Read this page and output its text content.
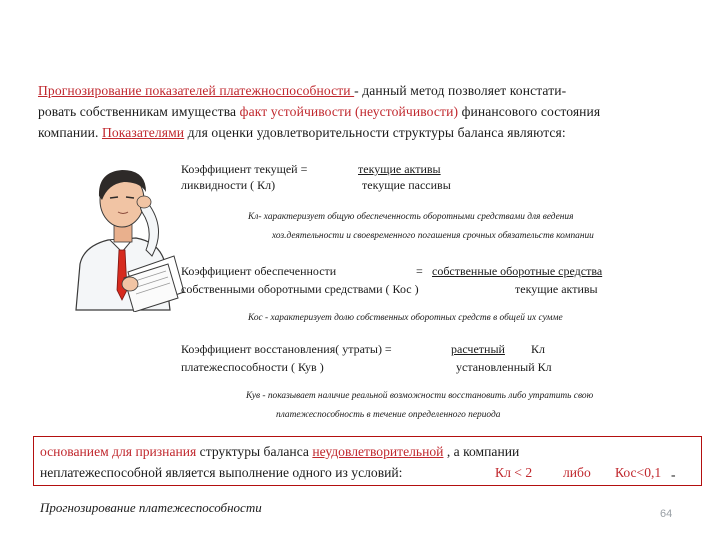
Прогнозирование показателей платежноспособности - данный метод позволяет констати-
ровать собственникам имущества факт устойчивости (неустойчивости) финансового состояния
компании. Показателями для оценки удовлетворительности структуры баланса являются:
Коэффициент текущей =
ликвидности ( Кл)
текущие активы
текущие пассивы
Кл- характеризует общую обеспеченность оборотными средствами для ведения
хоз.деятельности и своевременного погашения срочных обязательств компании
Коэффициент обеспеченности	= собственные оборотные средства
собственными оборотными средствами ( Кос )	текущие активы
Кос - характеризует долю собственных оборотных средств в общей их сумме
Коэффициент восстановления( утраты) =
платежеспособности ( Кув )
расчетный Кл
установленный Кл
Кув - показывает наличие реальной возможности восстановить либо утратить свою
платежеспособность в течение определенного периода
основанием для признания структуры баланса неудовлетворительной , а компании
неплатежеспособной является выполнение одного из условий:	Кл < 2 либо Кос<0,1 -
Прогнозирование платежеспособности	64
